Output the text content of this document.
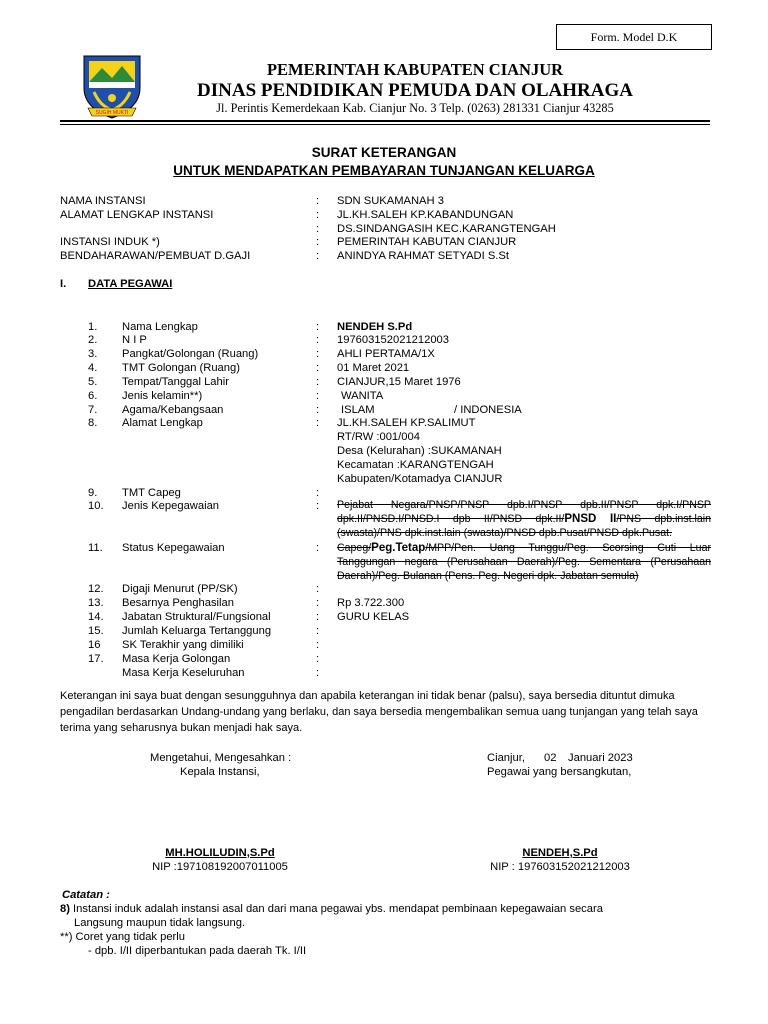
Form. Model D.K
SUGIH MUKTI
PEMERINTAH KABUPATEN CIANJUR
DINAS PENDIDIKAN PEMUDA DAN OLAHRAGA
Jl. Perintis Kemerdekaan Kab. Cianjur No. 3 Telp. (0263) 281331 Cianjur 43285
SURAT KETERANGAN
UNTUK MENDAPATKAN PEMBAYARAN TUNJANGAN KELUARGA
NAMA INSTANSI	: SDN SUKAMANAH 3
ALAMAT LENGKAP INSTANSI	: JL.KH.SALEH KP.KABANDUNGAN
: DS.SINDANGASIH KEC.KARANGTENGAH
INSTANSI INDUK *)	: PEMERINTAH KABUTAN CIANJUR
BENDAHARAWAN/PEMBUAT D.GAJI	: ANINDYA RAHMAT SETYADI S.St
I. DATA PEGAWAI
1. Nama Lengkap	: NENDEH S.Pd
2. N I P	: 197603152021212003
3. Pangkat/Golongan (Ruang)	: AHLI PERTAMA/1X
4. TMT Golongan (Ruang)	: 01 Maret 2021
5. Tempat/Tanggal Lahir	: CIANJUR,15 Maret 1976
6. Jenis kelamin**)	: WANITA
7. Agama/Kebangsaan	: ISLAM	/ INDONESIA
8. Alamat Lengkap	: JL.KH.SALEH KP.SALIMUT
RT/RW :001/004
Desa (Kelurahan) :SUKAMANAH
Kecamatan :KARANGTENGAH
Kabupaten/Kotamadya CIANJUR
9. TMT Capeg	:
10. Jenis Kepegawaian	: Pejabat Negara/PNSP/PNSP dpb.I/PNSP dpb.II/PNSP dpk.I/PNSP
dpk.II/PNSD.I/PNSD.I dpb II/PNSD dpk.II/PNSD II/PNS dpb.inst.lain
(swasta)/PNS dpk.inst.lain (swasta)/PNSD dpb.Pusat/PNSD dpk.Pusat.
11. Status Kepegawaian	: Capeg/Peg.Tetap/MPP/Pen. Uang Tunggu/Peg. Scorsing Cuti Luar
Tanggungan negara (Perusahaan Daerah)/Peg. Sementara (Perusahaan
Daerah)/Peg. Bulanan (Pens. Peg. Negeri dpk. Jabatan semula)
12. Digaji Menurut (PP/SK)	:
13. Besarnya Penghasilan	: Rp 3.722.300
14. Jabatan Struktural/Fungsional	: GURU KELAS
15. Jumlah Keluarga Tertanggung	:
16 SK Terakhir yang dimiliki	:
17. Masa Kerja Golongan	:
Masa Kerja Keseluruhan	:
Keterangan ini saya buat dengan sesungguhnya dan apabila keterangan ini tidak benar (palsu), saya bersedia dituntut dimuka pengadilan berdasarkan Undang-undang yang berlaku, dan saya bersedia mengembalikan semua uang tunjangan yang telah saya terima yang seharusnya bukan menjadi hak saya.
Mengetahui, Mengesahkan :
Kepala Instansi,
Cianjur, 02 Januari 2023
Pegawai yang bersangkutan,
MH.HOLILUDIN,S.Pd
NIP :197108192007011005
NENDEH,S.Pd
NIP : 197603152021212003
Catatan :
8) Instansi induk adalah instansi asal dan dari mana pegawai ybs. mendapat pembinaan kepegawaian secara
Langsung maupun tidak langsung.
**) Coret yang tidak perlu
- dpb. I/II diperbantukan pada daerah Tk. I/II
